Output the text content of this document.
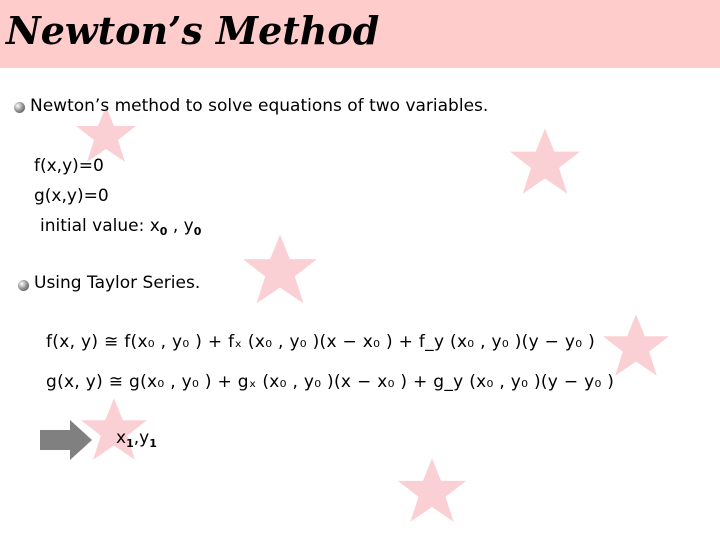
Newton’s Method
Newton’s method to solve equations of two variables.
f(x,y)=0
g(x,y)=0
initial value: $x_0$ , $y_0$
Using Taylor Series.
f(x, y) ≅ f(x₀ , y₀ ) + fₓ (x₀ , y₀ )(x − x₀ ) + f_y (x₀ , y₀ )(y − y₀ )
g(x, y) ≅ g(x₀ , y₀ ) + gₓ (x₀ , y₀ )(x − x₀ ) + g_y (x₀ , y₀ )(y − y₀ )
$x_1,y_1$
